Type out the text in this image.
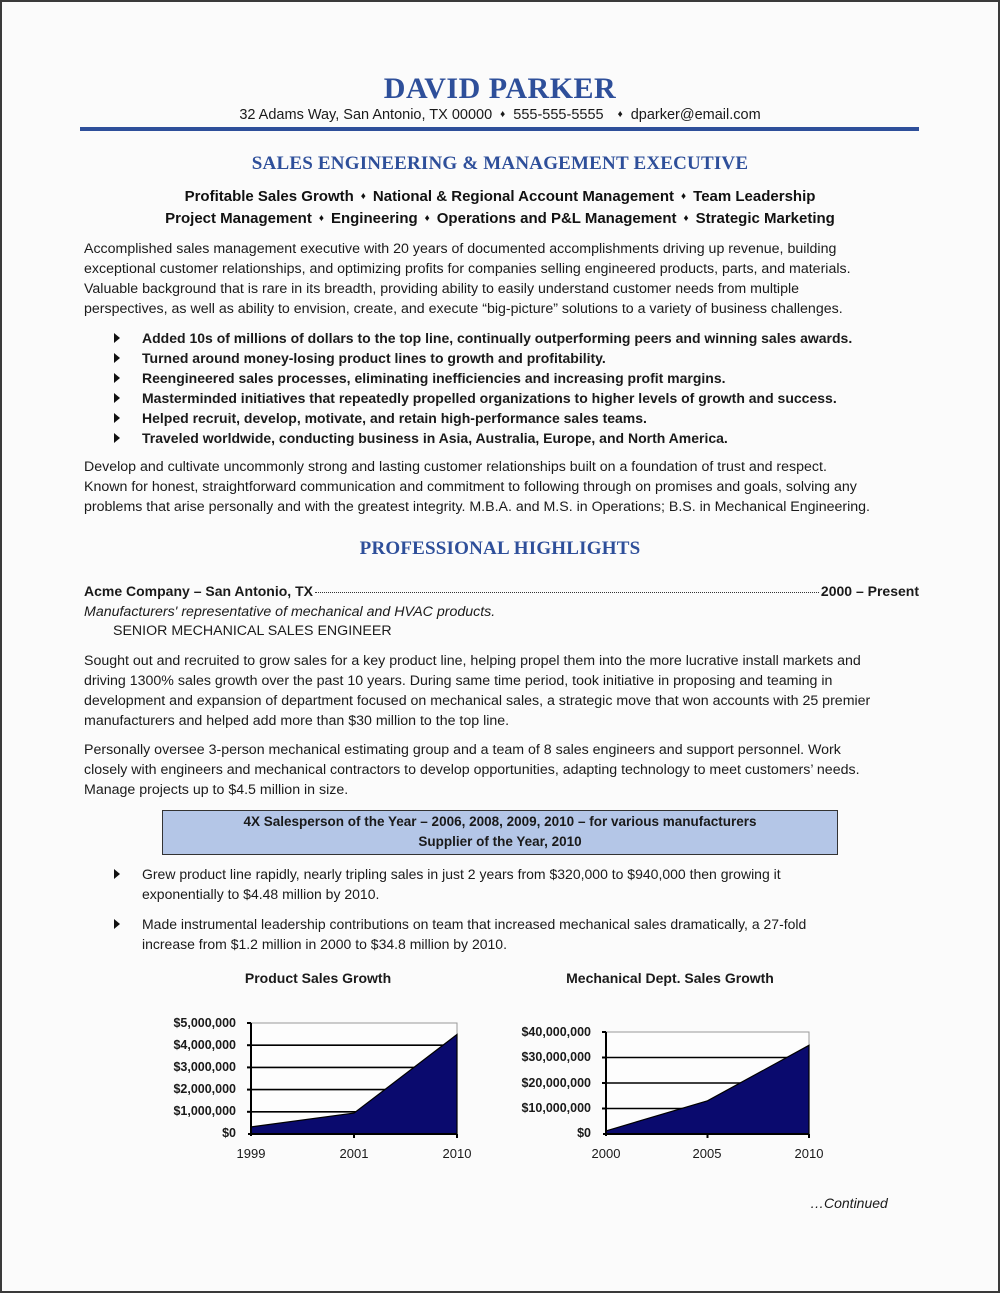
DAVID PARKER
32 Adams Way, San Antonio, TX 00000 ♦ 555-555-5555 ♦ dparker@email.com
SALES ENGINEERING & MANAGEMENT EXECUTIVE
Profitable Sales Growth ♦ National & Regional Account Management ♦ Team Leadership
Project Management ♦ Engineering ♦ Operations and P&L Management ♦ Strategic Marketing
Accomplished sales management executive with 20 years of documented accomplishments driving up revenue, building
exceptional customer relationships, and optimizing profits for companies selling engineered products, parts, and materials.
Valuable background that is rare in its breadth, providing ability to easily understand customer needs from multiple
perspectives, as well as ability to envision, create, and execute “big-picture” solutions to a variety of business challenges.
Added 10s of millions of dollars to the top line, continually outperforming peers and winning sales awards.
Turned around money-losing product lines to growth and profitability.
Reengineered sales processes, eliminating inefficiencies and increasing profit margins.
Masterminded initiatives that repeatedly propelled organizations to higher levels of growth and success.
Helped recruit, develop, motivate, and retain high-performance sales teams.
Traveled worldwide, conducting business in Asia, Australia, Europe, and North America.
Develop and cultivate uncommonly strong and lasting customer relationships built on a foundation of trust and respect.
Known for honest, straightforward communication and commitment to following through on promises and goals, solving any
problems that arise personally and with the greatest integrity. M.B.A. and M.S. in Operations; B.S. in Mechanical Engineering.
PROFESSIONAL HIGHLIGHTS
Acme Company – San Antonio, TX	2000 – Present
Manufacturers' representative of mechanical and HVAC products.
SENIOR MECHANICAL SALES ENGINEER
Sought out and recruited to grow sales for a key product line, helping propel them into the more lucrative install markets and
driving 1300% sales growth over the past 10 years. During same time period, took initiative in proposing and teaming in
development and expansion of department focused on mechanical sales, a strategic move that won accounts with 25 premier
manufacturers and helped add more than $30 million to the top line.
Personally oversee 3-person mechanical estimating group and a team of 8 sales engineers and support personnel. Work
closely with engineers and mechanical contractors to develop opportunities, adapting technology to meet customers’ needs.
Manage projects up to $4.5 million in size.
4X Salesperson of the Year – 2006, 2008, 2009, 2010 – for various manufacturers
Supplier of the Year, 2010
Grew product line rapidly, nearly tripling sales in just 2 years from $320,000 to $940,000 then growing it
exponentially to $4.48 million by 2010.
Made instrumental leadership contributions on team that increased mechanical sales dramatically, a 27-fold
increase from $1.2 million in 2000 to $34.8 million by 2010.
Product Sales Growth
$5,000,000
$4,000,000
$3,000,000
$2,000,000
$1,000,000
$0
1999	2001	2010
Mechanical Dept. Sales Growth
$40,000,000
$30,000,000
$20,000,000
$10,000,000
$0
2000	2005	2010
…Continued
